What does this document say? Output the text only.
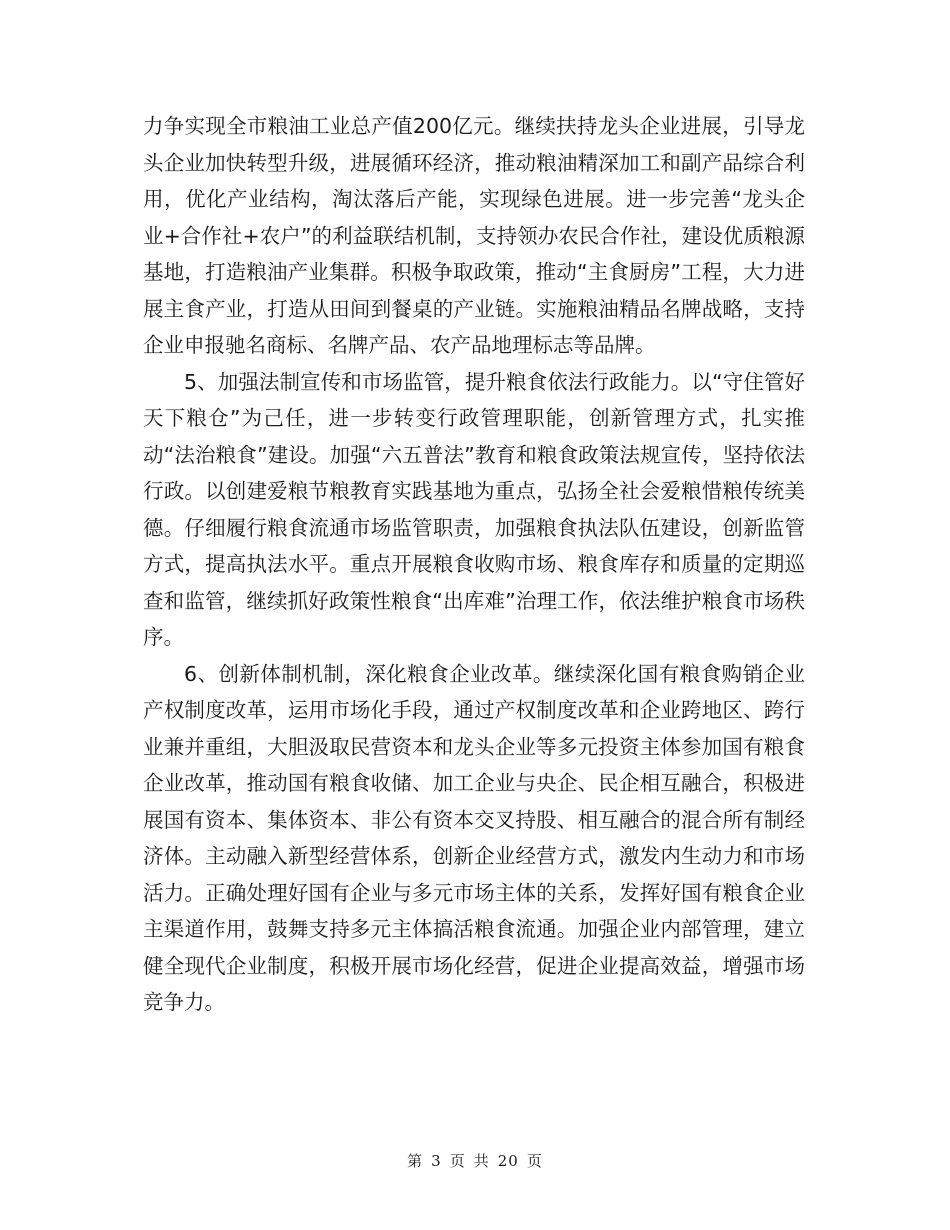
力争实现全市粮油工业总产值200亿元。继续扶持龙头企业进展，引导龙头企业加快转型升级，进展循环经济，推动粮油精深加工和副产品综合利用，优化产业结构，淘汰落后产能，实现绿色进展。进一步完善“龙头企业+合作社+农户”的利益联结机制，支持领办农民合作社，建设优质粮源基地，打造粮油产业集群。积极争取政策，推动“主食厨房”工程，大力进展主食产业，打造从田间到餐桌的产业链。实施粮油精品名牌战略，支持企业申报驰名商标、名牌产品、农产品地理标志等品牌。

5、加强法制宣传和市场监管，提升粮食依法行政能力。以“守住管好天下粮仓”为己任，进一步转变行政管理职能，创新管理方式，扎实推动“法治粮食”建设。加强“六五普法”教育和粮食政策法规宣传，坚持依法行政。以创建爱粮节粮教育实践基地为重点，弘扬全社会爱粮惜粮传统美德。仔细履行粮食流通市场监管职责，加强粮食执法队伍建设，创新监管方式，提高执法水平。重点开展粮食收购市场、粮食库存和质量的定期巡查和监管，继续抓好政策性粮食“出库难”治理工作，依法维护粮食市场秩序。

6、创新体制机制，深化粮食企业改革。继续深化国有粮食购销企业产权制度改革，运用市场化手段，通过产权制度改革和企业跨地区、跨行业兼并重组，大胆汲取民营资本和龙头企业等多元投资主体参加国有粮食企业改革，推动国有粮食收储、加工企业与央企、民企相互融合，积极进展国有资本、集体资本、非公有资本交叉持股、相互融合的混合所有制经济体。主动融入新型经营体系，创新企业经营方式，激发内生动力和市场活力。正确处理好国有企业与多元市场主体的关系，发挥好国有粮食企业主渠道作用，鼓舞支持多元主体搞活粮食流通。加强企业内部管理，建立健全现代企业制度，积极开展市场化经营，促进企业提高效益，增强市场竞争力。

第 3 页 共 20 页
